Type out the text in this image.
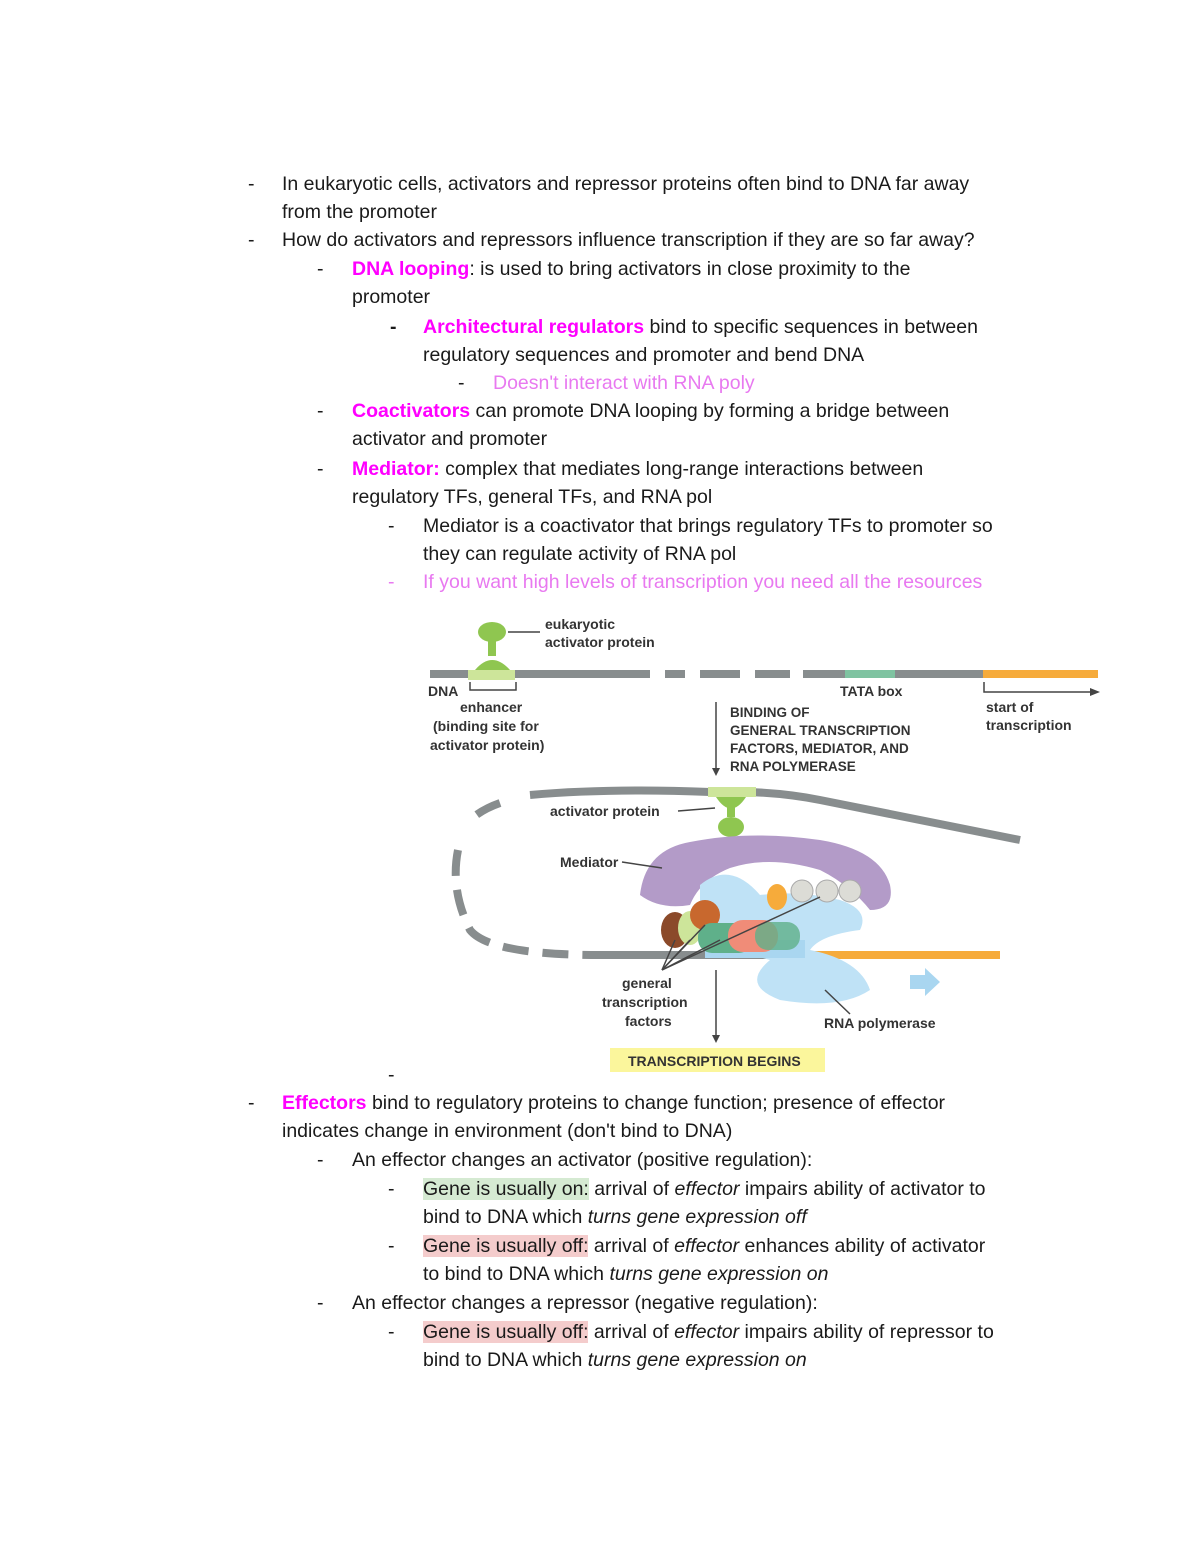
- In eukaryotic cells, activators and repressor proteins often bind to DNA far away
from the promoter
- How do activators and repressors influence transcription if they are so far away?
- DNA looping: is used to bring activators in close proximity to the
promoter
- Architectural regulators bind to specific sequences in between
regulatory sequences and promoter and bend DNA
- Doesn't interact with RNA poly
- Coactivators can promote DNA looping by forming a bridge between
activator and promoter
- Mediator: complex that mediates long-range interactions between
regulatory TFs, general TFs, and RNA pol
- Mediator is a coactivator that brings regulatory TFs to promoter so
they can regulate activity of RNA pol
- If you want high levels of transcription you need all the resources
eukaryotic
activator protein
DNA
enhancer
(binding site for
activator protein)
TATA box
start of
transcription
BINDING OF
GENERAL TRANSCRIPTION
FACTORS, MEDIATOR, AND
RNA POLYMERASE
activator protein
Mediator
RNA polymerase
general
transcription
factors
TRANSCRIPTION BEGINS
-
- Effectors bind to regulatory proteins to change function; presence of effector
indicates change in environment (don't bind to DNA)
- An effector changes an activator (positive regulation):
- Gene is usually on: arrival of effector impairs ability of activator to
bind to DNA which turns gene expression off
- Gene is usually off: arrival of effector enhances ability of activator
to bind to DNA which turns gene expression on
- An effector changes a repressor (negative regulation):
- Gene is usually off: arrival of effector impairs ability of repressor to
bind to DNA which turns gene expression on
